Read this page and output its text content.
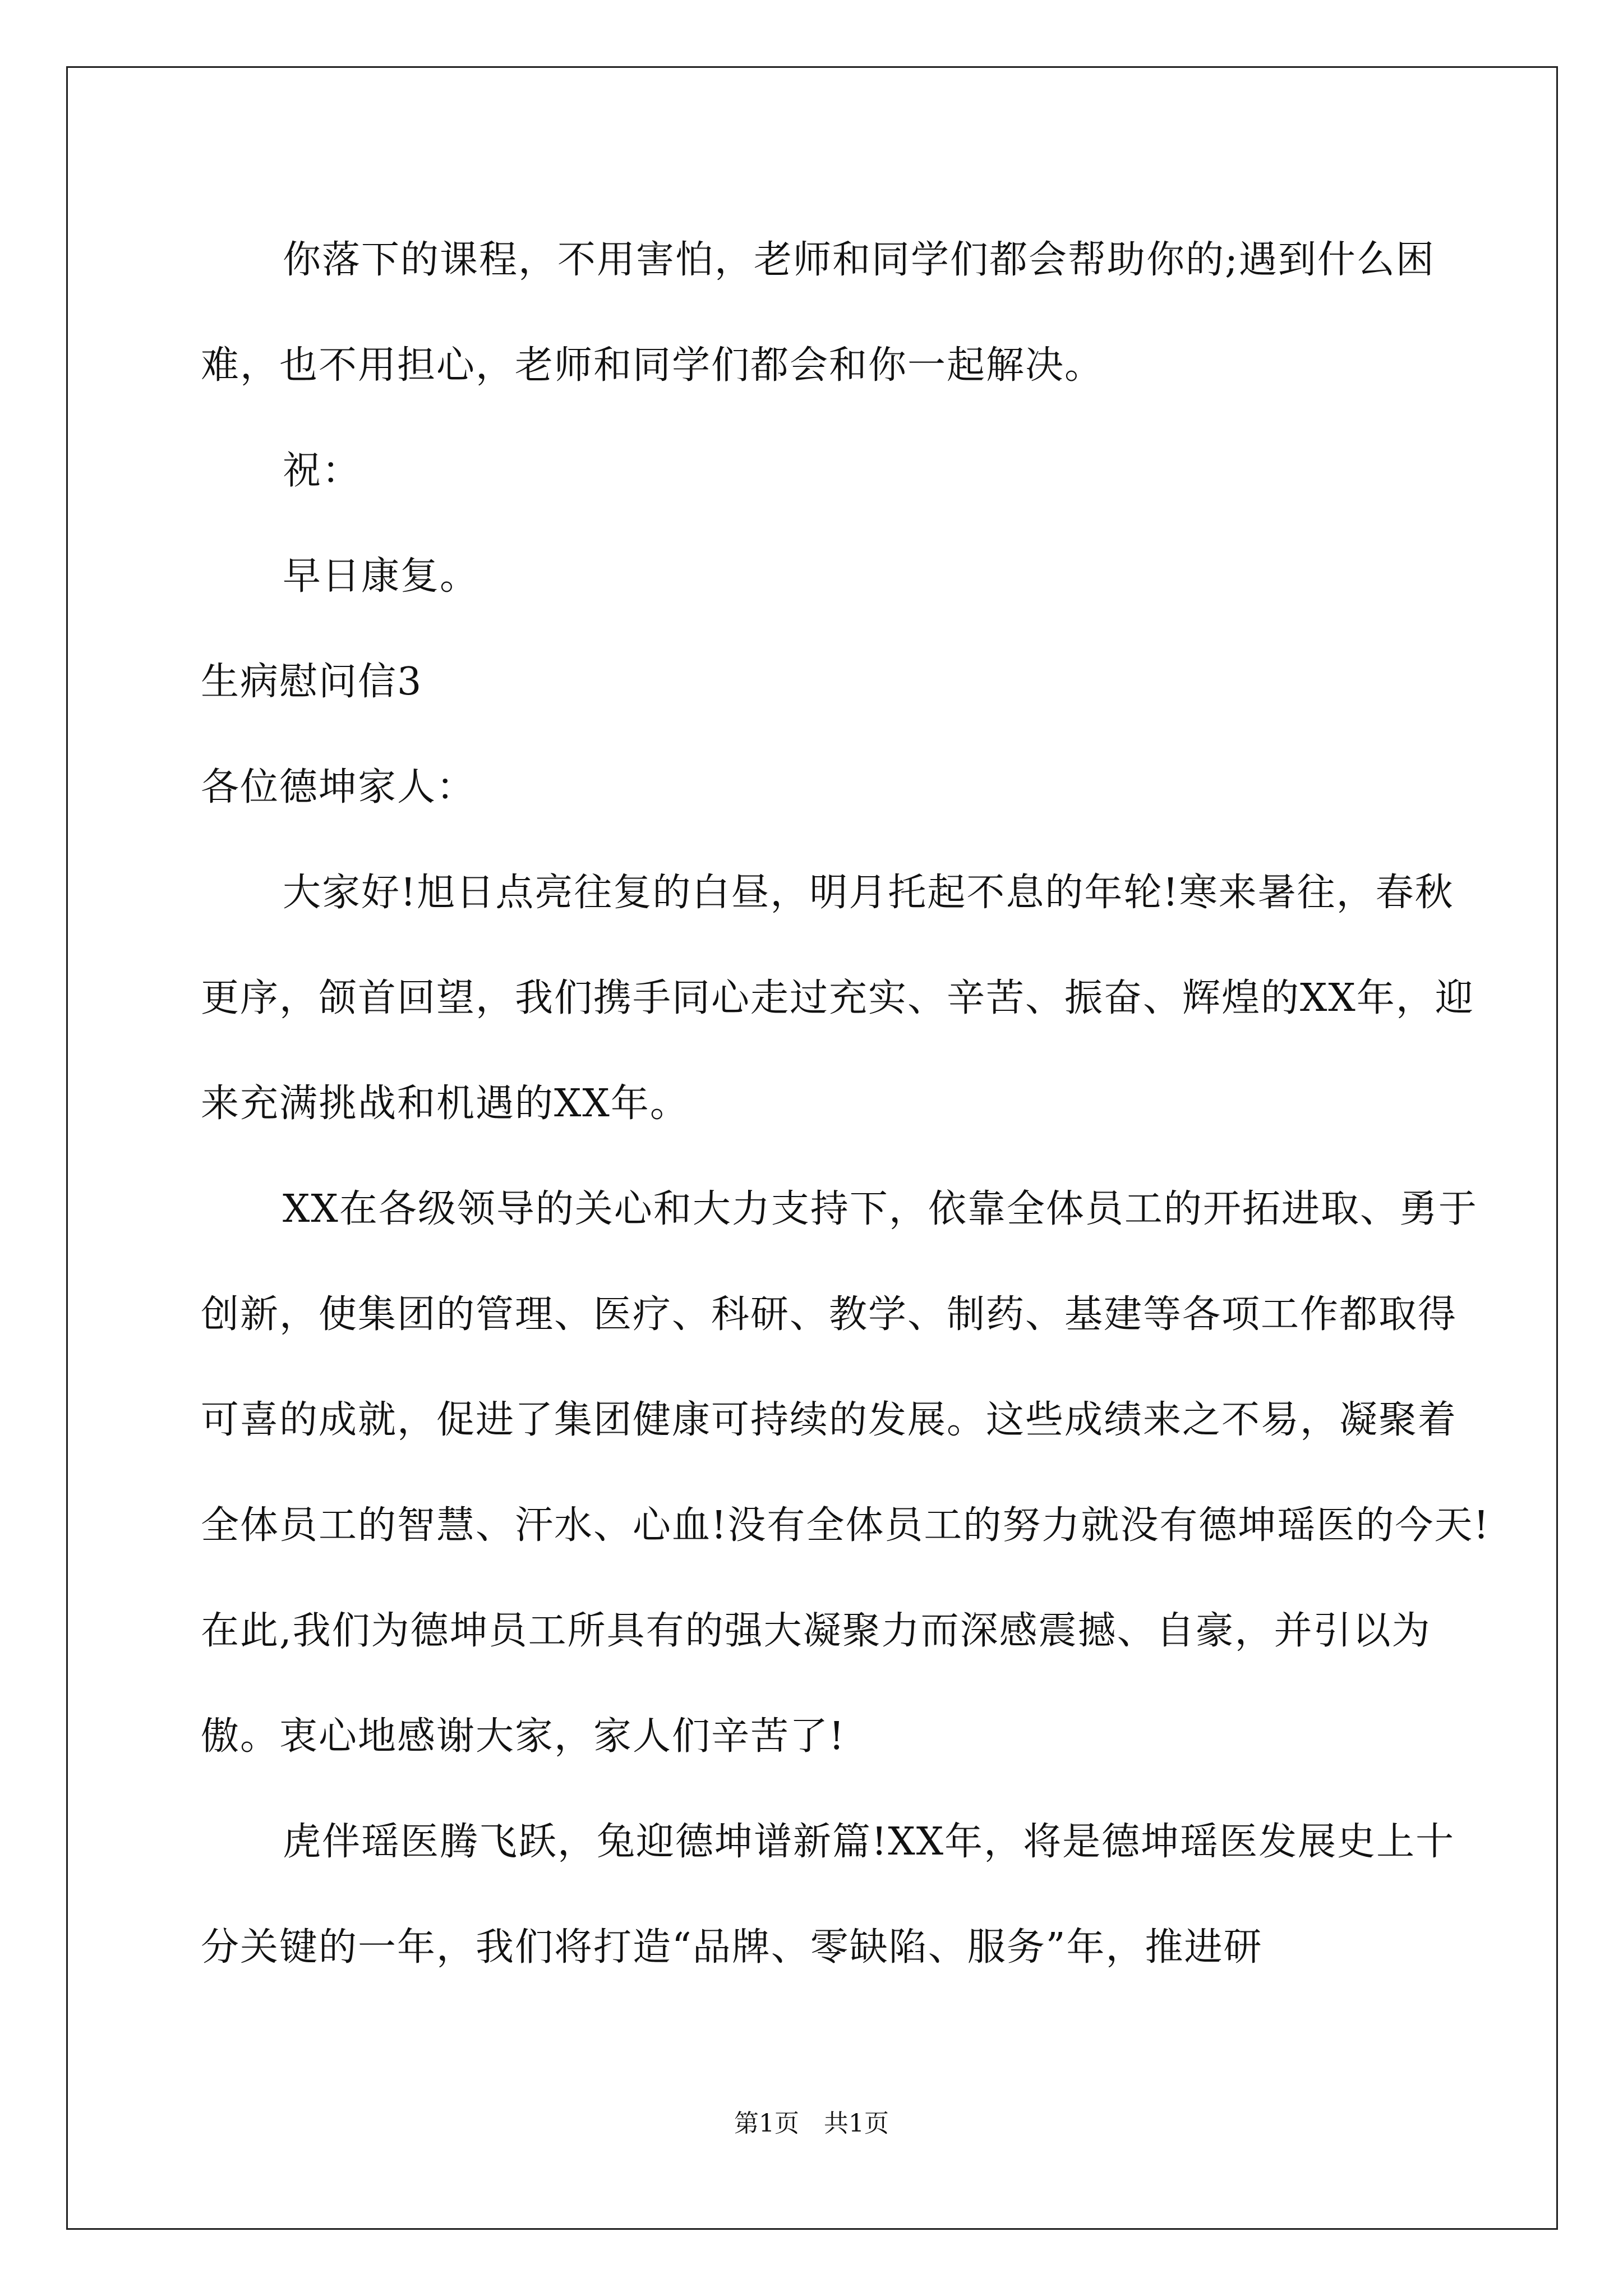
你落下的课程，不用害怕，老师和同学们都会帮助你的;遇到什么困难，也不用担心，老师和同学们都会和你一起解决。

祝：

早日康复。

生病慰问信3

各位德坤家人：

大家好!旭日点亮往复的白昼，明月托起不息的年轮!寒来暑往，春秋更序，颌首回望，我们携手同心走过充实、辛苦、振奋、辉煌的XX年，迎来充满挑战和机遇的XX年。

XX在各级领导的关心和大力支持下，依靠全体员工的开拓进取、勇于创新，使集团的管理、医疗、科研、教学、制药、基建等各项工作都取得可喜的成就，促进了集团健康可持续的发展。这些成绩来之不易，凝聚着全体员工的智慧、汗水、心血!没有全体员工的努力就没有德坤瑶医的今天!在此,我们为德坤员工所具有的强大凝聚力而深感震撼、自豪，并引以为傲。衷心地感谢大家，家人们辛苦了!

虎伴瑶医腾飞跃，兔迎德坤谱新篇!XX年，将是德坤瑶医发展史上十分关键的一年，我们将打造“品牌、零缺陷、服务”年，推进研

第1页　共1页
